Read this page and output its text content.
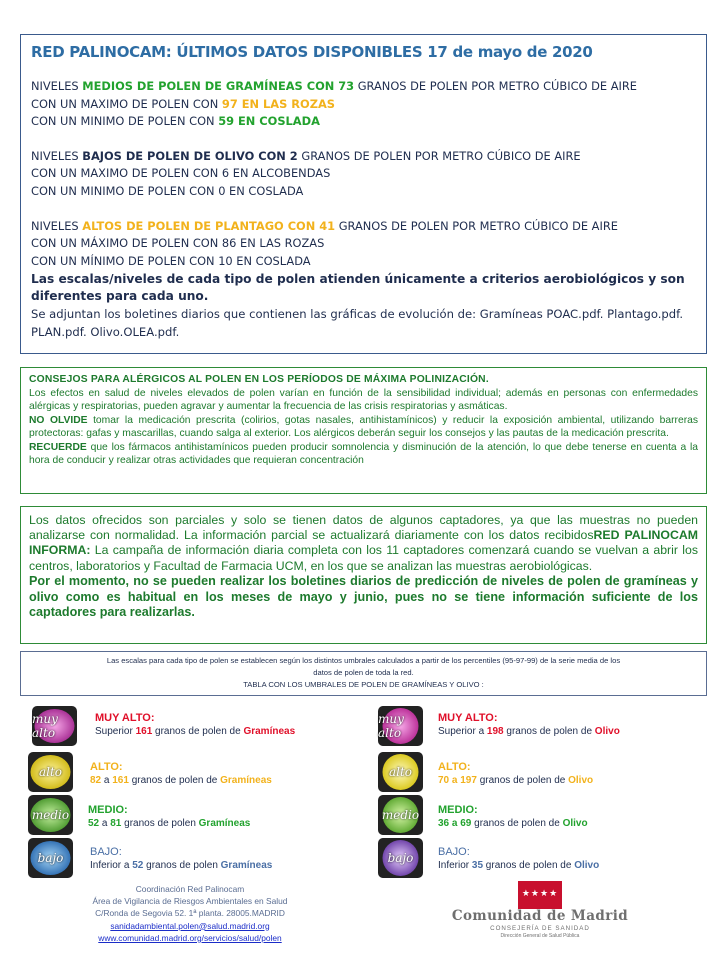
RED PALINOCAM: ÚLTIMOS DATOS DISPONIBLES 17 de mayo de 2020
NIVELES MEDIOS DE POLEN DE GRAMÍNEAS CON 73 GRANOS DE POLEN POR METRO CÚBICO DE AIRE
CON UN MAXIMO DE POLEN CON 97 EN LAS ROZAS
CON UN MINIMO DE POLEN CON 59 EN COSLADA
NIVELES BAJOS DE POLEN DE OLIVO CON 2 GRANOS DE POLEN POR METRO CÚBICO DE AIRE
CON UN MAXIMO DE POLEN CON 6 EN ALCOBENDAS
CON UN MINIMO DE POLEN CON 0 EN COSLADA
NIVELES ALTOS DE POLEN DE PLANTAGO CON 41 GRANOS DE POLEN POR METRO CÚBICO DE AIRE
CON UN MÁXIMO DE POLEN CON 86 EN LAS ROZAS
CON UN MÍNIMO DE POLEN CON 10 EN COSLADA
Las escalas/niveles de cada tipo de polen atienden únicamente a criterios aerobiológicos y son diferentes para cada uno.
Se adjuntan los boletines diarios que contienen las gráficas de evolución de: Gramíneas POAC.pdf. Plantago.pdf. PLAN.pdf. Olivo.OLEA.pdf.

CONSEJOS PARA ALÉRGICOS AL POLEN EN LOS PERÍODOS DE MÁXIMA POLINIZACIÓN.

Los efectos en salud de niveles elevados de polen varían en función de la sensibilidad individual; además en personas con enfermedades alérgicas y respiratorias, pueden agravar y aumentar la frecuencia de las crisis respiratorias y asmáticas.

NO OLVIDE tomar la medicación prescrita (colirios, gotas nasales, antihistamínicos) y reducir la exposición ambiental, utilizando barreras protectoras: gafas y mascarillas, cuando salga al exterior. Los alérgicos deberán seguir los consejos y las pautas de la medicación prescrita.

RECUERDE que los fármacos antihistamínicos pueden producir somnolencia y disminución de la atención, lo que debe tenerse en cuenta a la hora de conducir y realizar otras actividades que requieran concentración

Los datos ofrecidos son parciales y solo se tienen datos de algunos captadores, ya que las muestras no pueden analizarse con normalidad. La información parcial se actualizará diariamente con los datos recibidosRED PALINOCAM INFORMA: La campaña de información diaria completa con los 11 captadores comenzará cuando se vuelvan a abrir los centros, laboratorios y Facultad de Farmacia UCM, en los que se analizan las muestras aerobiológicas.

Por el momento, no se pueden realizar los boletines diarios de predicción de niveles de polen de gramíneas y olivo como es habitual en los meses de mayo y junio, pues no se tiene información suficiente de los captadores para realizarlas.

Las escalas para cada tipo de polen se establecen según los distintos umbrales calculados a partir de los percentiles (95-97-99) de la serie media de los
datos de polen de toda la red.
TABLA CON LOS UMBRALES DE POLEN DE GRAMÍNEAS Y OLIVO :
muy alto
MUY ALTO:
Superior 161 granos de polen de Gramíneas
alto	ALTO:
82 a 161 granos de polen de Gramíneas
medio	MEDIO:
52 a 81 granos de polen Gramíneas
bajo	BAJO:
Inferior a 52 granos de polen Gramíneas
muy alto
MUY ALTO:
Superior a 198 granos de polen de Olivo
alto	ALTO:
70 a 197 granos de polen de Olivo
medio	MEDIO:
36 a 69 granos de polen de Olivo
bajo	BAJO:
Inferior 35 granos de polen de Olivo
Coordinación Red Palinocam
Área de Vigilancia de Riesgos Ambientales en Salud
C/Ronda de Segovia 52. 1ª planta. 28005.MADRID
sanidadambiental.polen@salud.madrid.org
www.comunidad.madrid.org/servicios/salud/polen
★★★★
Comunidad de Madrid
CONSEJERÍA DE SANIDAD
Dirección General de Salud Pública
